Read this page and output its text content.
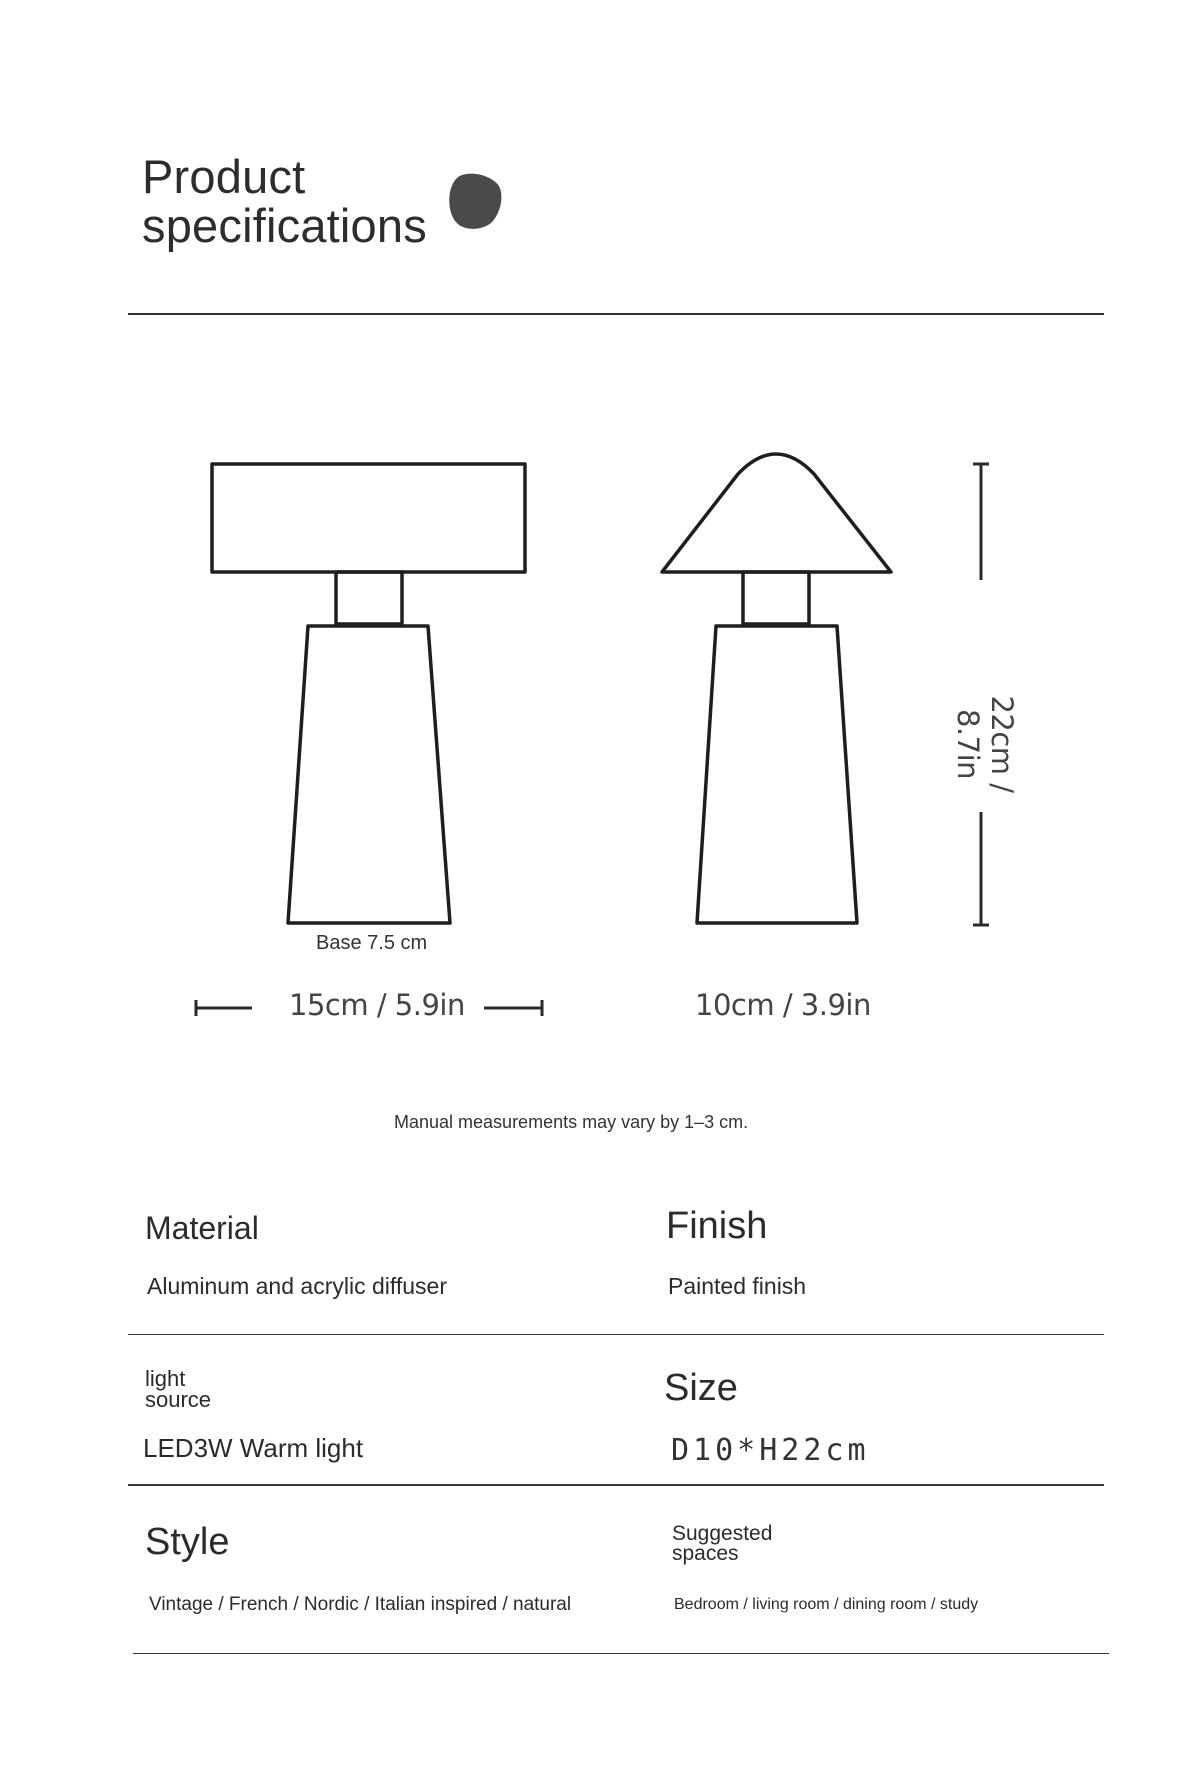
Product
specifications
Base 7.5 cm
15cm / 5.9in	10cm / 3.9in
22cm / 8.7in
Manual measurements may vary by 1–3 cm.
Material
Aluminum and acrylic diffuser
Finish
Painted finish
light
source
LED3W Warm light
Size
D10*H22cm
Style
Vintage / French / Nordic / Italian inspired / natural
Suggested
spaces
Bedroom / living room / dining room / study
